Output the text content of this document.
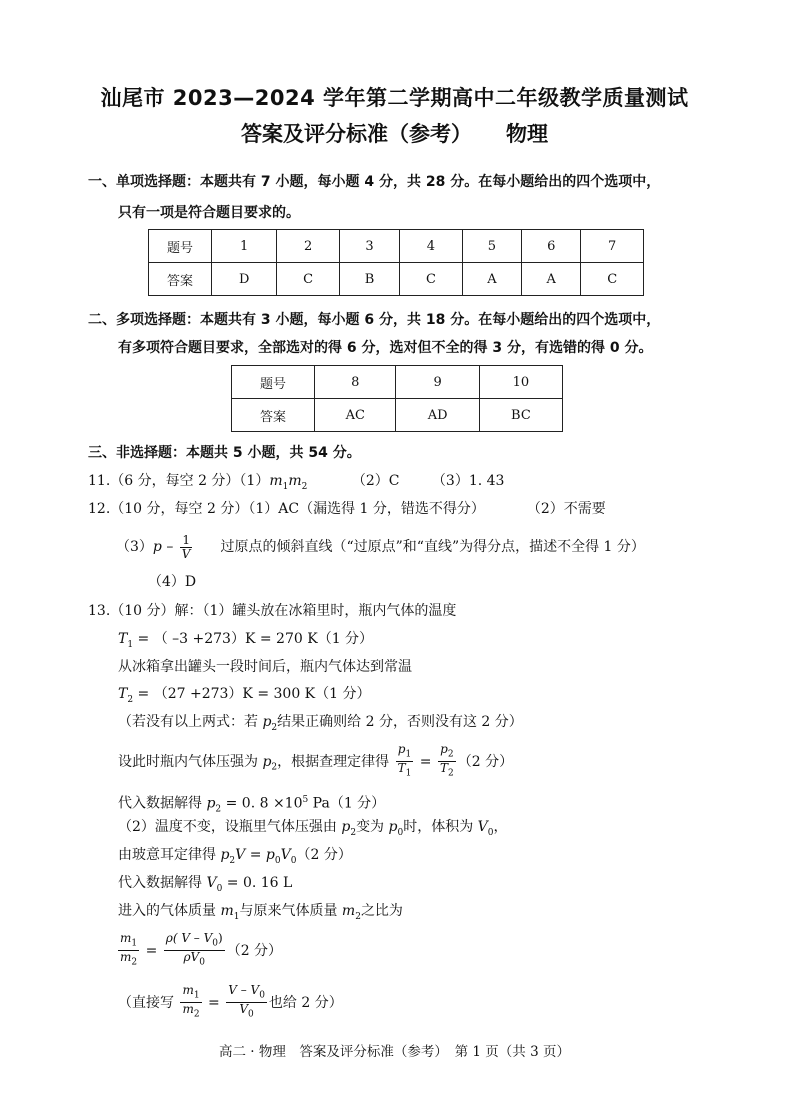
汕尾市 2023—2024 学年第二学期高中二年级教学质量测试
答案及评分标准（参考） 物理
一、单项选择题：本题共有 7 小题，每小题 4 分，共 28 分。在每小题给出的四个选项中，
只有一项是符合题目要求的。
题号	1	2	3	4	5	6	7
答案	D	C	B	C	A	A	C
二、多项选择题：本题共有 3 小题，每小题 6 分，共 18 分。在每小题给出的四个选项中，
有多项符合题目要求，全部选对的得 6 分，选对但不全的得 3 分，有选错的得 0 分。
题号	8	9	10
答案	AC	AD	BC
三、非选择题：本题共 5 小题，共 54 分。
11.（6 分，每空 2 分）$(1)m_1m_2$	（2）C （3）1. 43
12.（10 分，每空 2 分）（1）AC（漏选得 1 分，错选不得分）	（2）不需要
$(3)p - \frac{1}{V}$ 过原点的倾斜直线（“过原点”和“直线”为得分点，描述不全得 1 分）
（4）D
13.（10 分）解：（1）罐头放在冰箱里时，瓶内气体的温度
$T_1$ = （ –3 +273）K = 270 K（1 分）
从冰箱拿出罐头一段时间后，瓶内气体达到常温
$T_2 = (27 +273)K = 300$ K（1 分）
（若没有以上两式：若 $p_2$结果正确则给 2 分，否则没有这 2 分）
设此时瓶内气体压强为 $p_2$，根据查理定律得 $\frac{p_1}{T_1} = \frac{p_2}{T_2} (2$ 分）
代入数据解得 $p_2 = 0$. $8 \times 10^5$ Pa（1 分）
（2）温度不变，设瓶里气体压强由 $p_2$变为 $p_0$时，体积为 $V_0$，
由玻意耳定律得 $p_2V = p_0V_0(2$ 分）
代入数据解得 $V_0 = 0$. 16 L
进入的气体质量 $m_1$与原来气体质量 $m_2$之比为
$\frac{m_1}{m_2} = \frac{\rho( V - V_0)}{\rho V_0} (2$ 分）
（直接写 $\frac{m_1}{m_2} = \frac{V - V_0}{V_0}$ 也给 2 分）
高二 · 物理　答案及评分标准（参考）　第 1 页（共 3 页）
